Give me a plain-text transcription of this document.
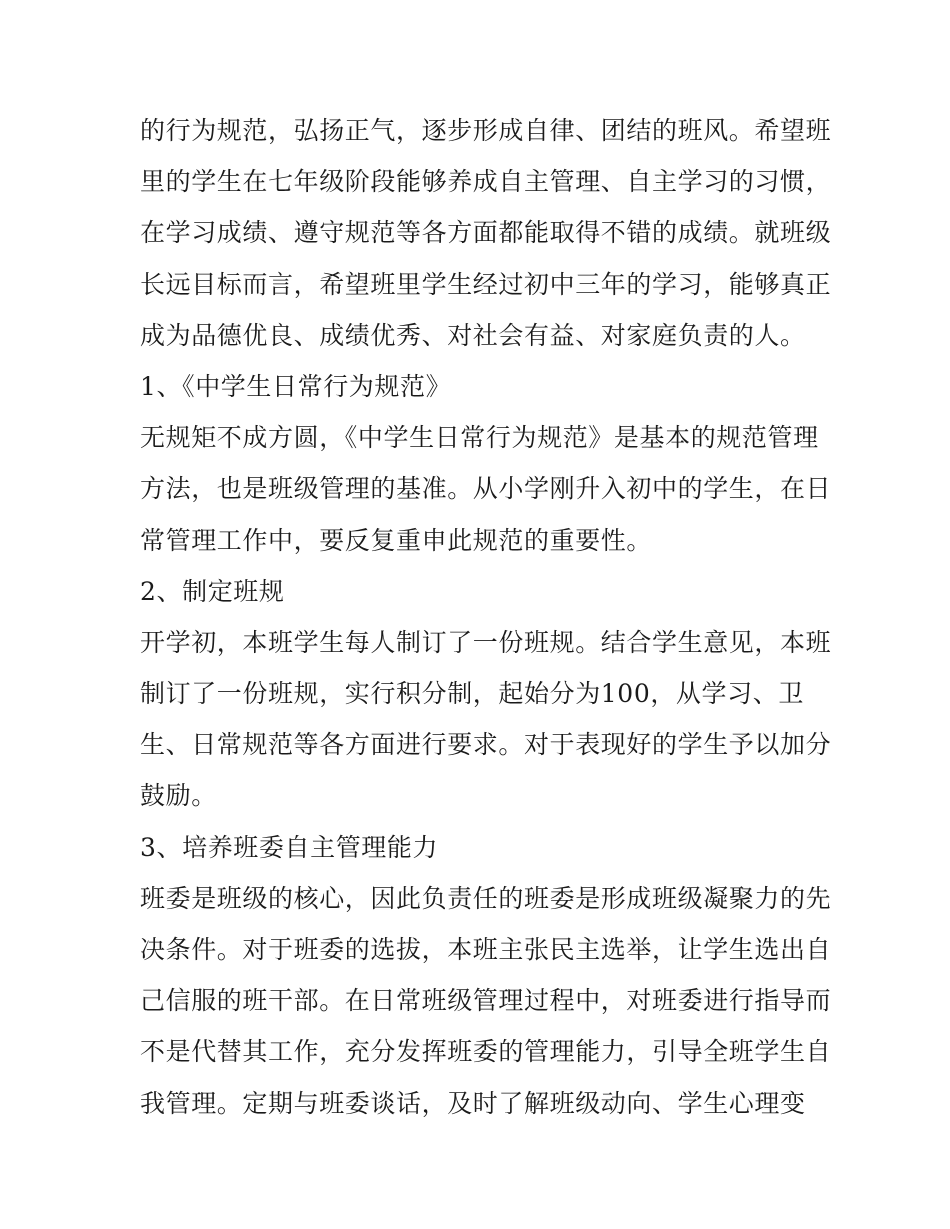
的行为规范，弘扬正气，逐步形成自律、团结的班风。希望班
里的学生在七年级阶段能够养成自主管理、自主学习的习惯，
在学习成绩、遵守规范等各方面都能取得不错的成绩。就班级
长远目标而言，希望班里学生经过初中三年的学习，能够真正
成为品德优良、成绩优秀、对社会有益、对家庭负责的人。
1、《中学生日常行为规范》
无规矩不成方圆，《中学生日常行为规范》是基本的规范管理
方法，也是班级管理的基准。从小学刚升入初中的学生，在日
常管理工作中，要反复重申此规范的重要性。
2、制定班规
开学初，本班学生每人制订了一份班规。结合学生意见，本班
制订了一份班规，实行积分制，起始分为100，从学习、卫
生、日常规范等各方面进行要求。对于表现好的学生予以加分
鼓励。
3、培养班委自主管理能力
班委是班级的核心，因此负责任的班委是形成班级凝聚力的先
决条件。对于班委的选拔，本班主张民主选举，让学生选出自
己信服的班干部。在日常班级管理过程中，对班委进行指导而
不是代替其工作，充分发挥班委的管理能力，引导全班学生自
我管理。定期与班委谈话，及时了解班级动向、学生心理变
